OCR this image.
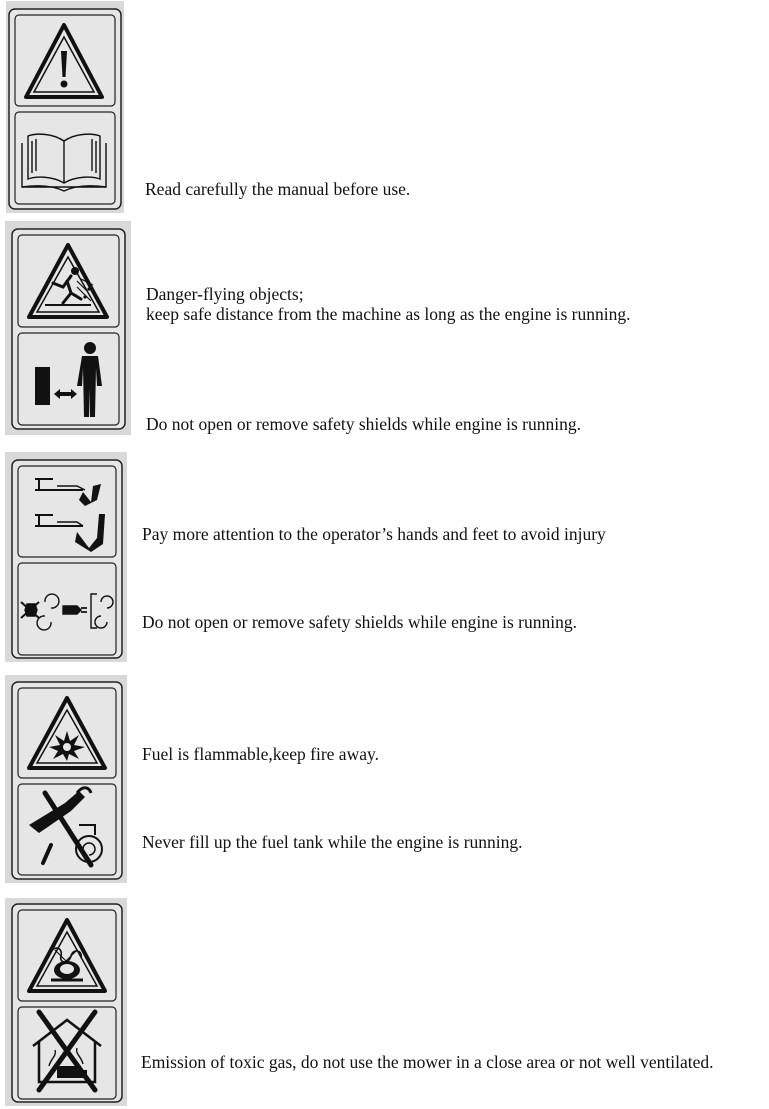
Read carefully the manual before use.
Danger-flying objects;
keep safe distance from the machine as long as the engine is running.
Do not open or remove safety shields while engine is running.
Pay more attention to the operator’s hands and feet to avoid injury
Do not open or remove safety shields while engine is running.
Fuel is flammable,keep fire away.
Never fill up the fuel tank while the engine is running.
Emission of toxic gas, do not use the mower in a close area or not well ventilated.
